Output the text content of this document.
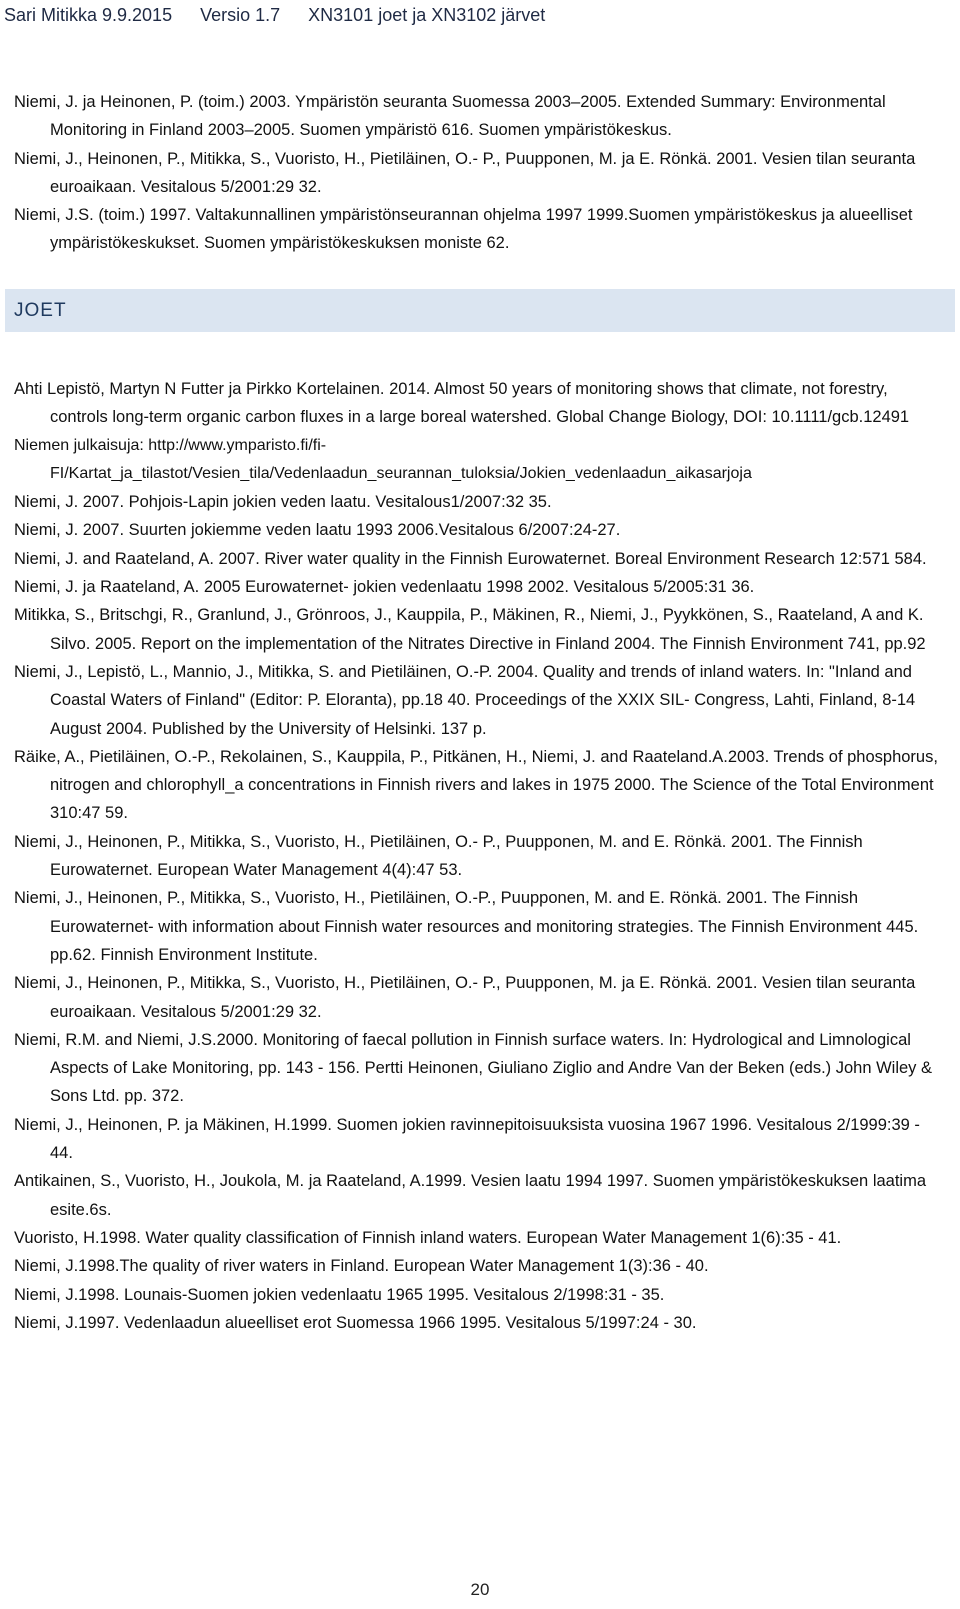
Sari Mitikka 9.9.2015 Versio 1.7 XN3101 joet ja XN3102 järvet
Niemi, J. ja Heinonen, P. (toim.) 2003. Ympäristön seuranta Suomessa 2003–2005. Extended Summary: Environmental Monitoring in Finland 2003–2005. Suomen ympäristö 616. Suomen ympäristökeskus.
Niemi, J., Heinonen, P., Mitikka, S., Vuoristo, H., Pietiläinen, O.- P., Puupponen, M. ja E. Rönkä. 2001. Vesien tilan seuranta euroaikaan. Vesitalous 5/2001:29 32.
Niemi, J.S. (toim.) 1997. Valtakunnallinen ympäristönseurannan ohjelma 1997 1999.Suomen ympäristökeskus ja alueelliset ympäristökeskukset. Suomen ympäristökeskuksen moniste 62.
JOET
Ahti Lepistö, Martyn N Futter ja Pirkko Kortelainen. 2014. Almost 50 years of monitoring shows that climate, not forestry, controls long-term organic carbon fluxes in a large boreal watershed. Global Change Biology, DOI: 10.1111/gcb.12491
Niemen julkaisuja: http://www.ymparisto.fi/fi-FI/Kartat_ja_tilastot/Vesien_tila/Vedenlaadun_seurannan_tuloksia/Jokien_vedenlaadun_aikasarjoja
Niemi, J. 2007. Pohjois-Lapin jokien veden laatu. Vesitalous1/2007:32 35.
Niemi, J. 2007. Suurten jokiemme veden laatu 1993 2006.Vesitalous 6/2007:24-27.
Niemi, J. and Raateland, A. 2007. River water quality in the Finnish Eurowaternet. Boreal Environment Research 12:571 584.
Niemi, J. ja Raateland, A. 2005 Eurowaternet- jokien vedenlaatu 1998 2002. Vesitalous 5/2005:31 36.
Mitikka, S., Britschgi, R., Granlund, J., Grönroos, J., Kauppila, P., Mäkinen, R., Niemi, J., Pyykkönen, S., Raateland, A and K. Silvo. 2005. Report on the implementation of the Nitrates Directive in Finland 2004. The Finnish Environment 741, pp.92
Niemi, J., Lepistö, L., Mannio, J., Mitikka, S. and Pietiläinen, O.-P. 2004. Quality and trends of inland waters. In: "Inland and Coastal Waters of Finland" (Editor: P. Eloranta), pp.18 40. Proceedings of the XXIX SIL- Congress, Lahti, Finland, 8-14 August 2004. Published by the University of Helsinki. 137 p.
Räike, A., Pietiläinen, O.-P., Rekolainen, S., Kauppila, P., Pitkänen, H., Niemi, J. and Raateland.A.2003. Trends of phosphorus, nitrogen and chlorophyll_a concentrations in Finnish rivers and lakes in 1975 2000. The Science of the Total Environment 310:47 59.
Niemi, J., Heinonen, P., Mitikka, S., Vuoristo, H., Pietiläinen, O.- P., Puupponen, M. and E. Rönkä. 2001. The Finnish Eurowaternet. European Water Management 4(4):47 53.
Niemi, J., Heinonen, P., Mitikka, S., Vuoristo, H., Pietiläinen, O.-P., Puupponen, M. and E. Rönkä. 2001. The Finnish Eurowaternet- with information about Finnish water resources and monitoring strategies. The Finnish Environment 445. pp.62. Finnish Environment Institute.
Niemi, J., Heinonen, P., Mitikka, S., Vuoristo, H., Pietiläinen, O.- P., Puupponen, M. ja E. Rönkä. 2001. Vesien tilan seuranta euroaikaan. Vesitalous 5/2001:29 32.
Niemi, R.M. and Niemi, J.S.2000. Monitoring of faecal pollution in Finnish surface waters. In: Hydrological and Limnological Aspects of Lake Monitoring, pp. 143 - 156. Pertti Heinonen, Giuliano Ziglio and Andre Van der Beken (eds.) John Wiley & Sons Ltd. pp. 372.
Niemi, J., Heinonen, P. ja Mäkinen, H.1999. Suomen jokien ravinnepitoisuuksista vuosina 1967 1996. Vesitalous 2/1999:39 - 44.
Antikainen, S., Vuoristo, H., Joukola, M. ja Raateland, A.1999. Vesien laatu 1994 1997. Suomen ympäristökeskuksen laatima esite.6s.
Vuoristo, H.1998. Water quality classification of Finnish inland waters. European Water Management 1(6):35 - 41.
Niemi, J.1998.The quality of river waters in Finland. European Water Management 1(3):36 - 40.
Niemi, J.1998. Lounais-Suomen jokien vedenlaatu 1965 1995. Vesitalous 2/1998:31 - 35.
Niemi, J.1997. Vedenlaadun alueelliset erot Suomessa 1966 1995. Vesitalous 5/1997:24 - 30.
20
